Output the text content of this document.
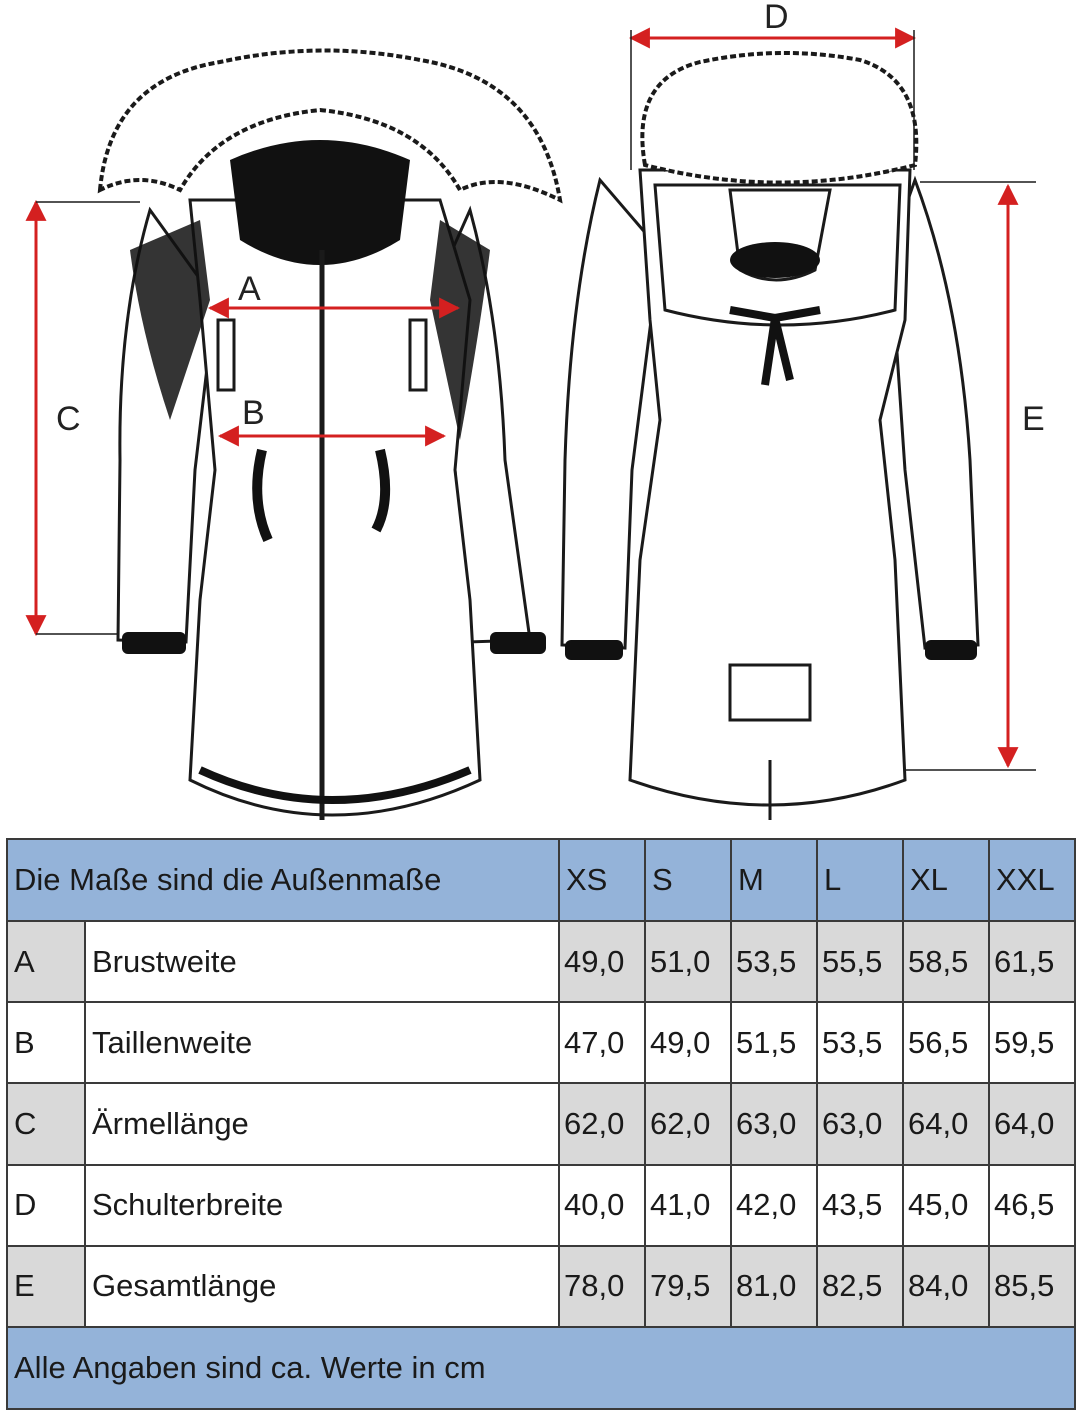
A
B
C
D
E
Die Maße sind die Außenmaße		XS	S	M	L	XL	XXL
A	Brustweite	49,0	51,0	53,5	55,5	58,5	61,5
B	Taillenweite	47,0	49,0	51,5	53,5	56,5	59,5
C	Ärmellänge	62,0	62,0	63,0	63,0	64,0	64,0
D	Schulterbreite	40,0	41,0	42,0	43,5	45,0	46,5
E	Gesamtlänge	78,0	79,5	81,0	82,5	84,0	85,5
Alle Angaben sind ca. Werte in cm							
